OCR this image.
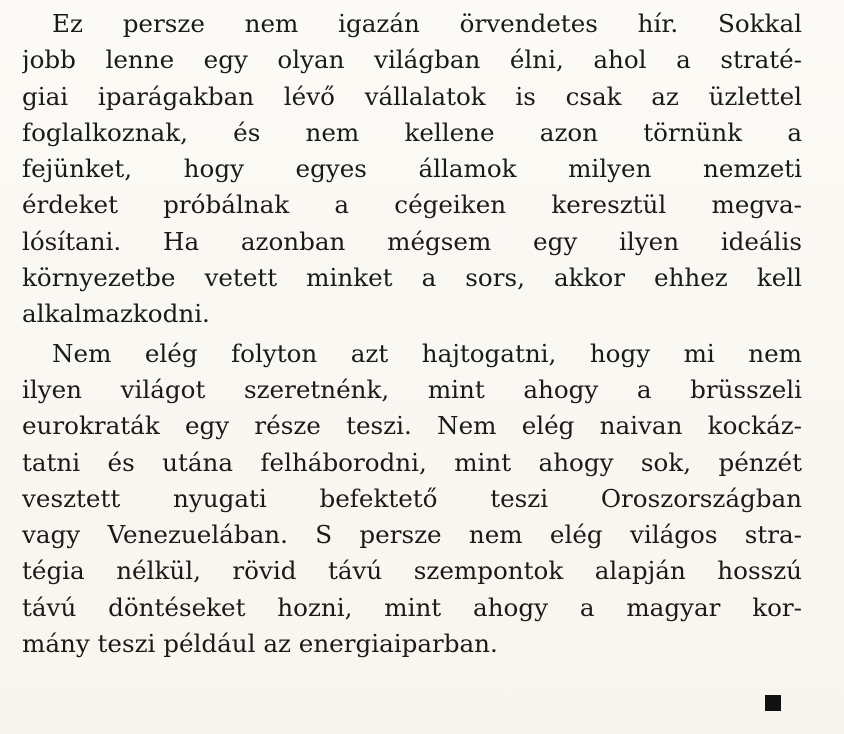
Ez persze nem igazán örvendetes hír. Sokkal
jobb lenne egy olyan világban élni, ahol a straté-
giai iparágakban lévő vállalatok is csak az üzlettel
foglalkoznak, és nem kellene azon törnünk a
fejünket, hogy egyes államok milyen nemzeti
érdeket próbálnak a cégeiken keresztül megva-
lósítani. Ha azonban mégsem egy ilyen ideális
környezetbe vetett minket a sors, akkor ehhez kell
alkalmazkodni.

Nem elég folyton azt hajtogatni, hogy mi nem
ilyen világot szeretnénk, mint ahogy a brüsszeli
eurokraták egy része teszi. Nem elég naivan kockáz-
tatni és utána felháborodni, mint ahogy sok, pénzét
vesztett nyugati befektető teszi Oroszországban
vagy Venezuelában. S persze nem elég világos stra-
tégia nélkül, rövid távú szempontok alapján hosszú
távú döntéseket hozni, mint ahogy a magyar kor-
mány teszi például az energiaiparban.
